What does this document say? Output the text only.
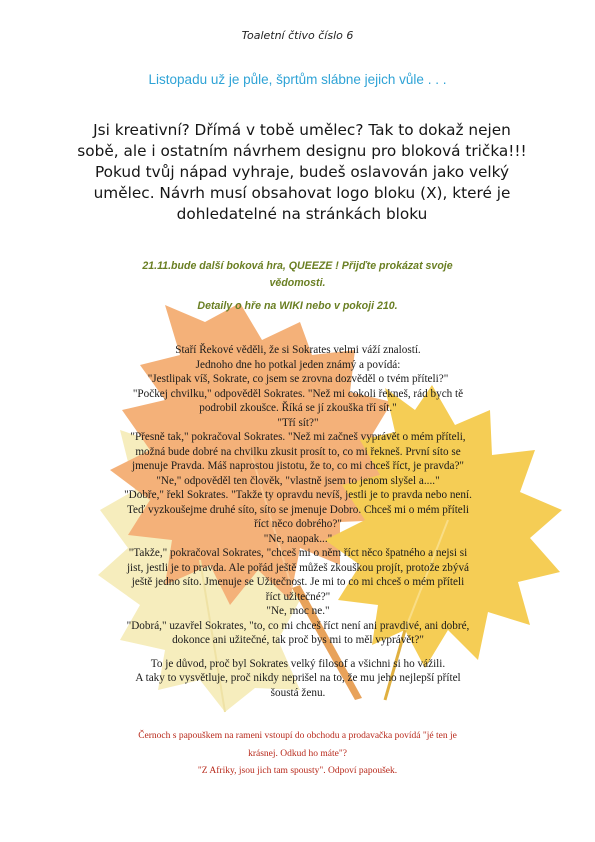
Toaletní čtivo číslo 6
Listopadu už je půle, šprtům slábne jejich vůle . . .
Jsi kreativní? Dřímá v tobě umělec? Tak to dokaž nejen
sobě, ale i ostatním návrhem designu pro bloková trička!!!
Pokud tvůj nápad vyhraje, budeš oslavován jako velký
umělec. Návrh musí obsahovat logo bloku (X), které je
dohledatelné na stránkách bloku
21.11.bude další boková hra, QUEEZE ! Přijďte prokázat svoje
vědomosti.
Detaily o hře na WIKI nebo v pokoji 210.
Staří Řekové věděli, že si Sokrates velmi váží znalostí.
Jednoho dne ho potkal jeden známý a povídá:
"Jestlipak víš, Sokrate, co jsem se zrovna dozvěděl o tvém příteli?"
"Počkej chvilku," odpověděl Sokrates. "Než mi cokoli řekneš, rád bych tě
podrobil zkoušce. Říká se jí zkouška tří sít."
"Tří sít?"
"Přesně tak," pokračoval Sokrates. "Než mi začneš vyprávět o mém příteli,
možná bude dobré na chvilku zkusit prosít to, co mi řekneš. První síto se
jmenuje Pravda. Máš naprostou jistotu, že to, co mi chceš říct, je pravda?"
"Ne," odpověděl ten člověk, "vlastně jsem to jenom slyšel a...."
"Dobře," řekl Sokrates. "Takže ty opravdu nevíš, jestli je to pravda nebo není.
Teď vyzkoušejme druhé síto, síto se jmenuje Dobro. Chceš mi o mém příteli
říct něco dobrého?"
"Ne, naopak..."
"Takže," pokračoval Sokrates, "chceš mi o něm říct něco špatného a nejsi si
jist, jestli je to pravda. Ale pořád ještě můžeš zkouškou projít, protože zbývá
ještě jedno síto. Jmenuje se Užitečnost. Je mi to co mi chceš o mém příteli
říct užitečné?"
"Ne, moc ne."
"Dobrá," uzavřel Sokrates, "to, co mi chceš říct není ani pravdivé, ani dobré,
dokonce ani užitečné, tak proč bys mi to měl vyprávět?"
To je důvod, proč byl Sokrates velký filosof a všichni si ho vážili.
A taky to vysvětluje, proč nikdy neprišel na to, že mu jeho nejlepší přítel
šoustá ženu.
Černoch s papouškem na rameni vstoupí do obchodu a prodavačka povídá "jé ten je
krásnej. Odkud ho máte"?
"Z Afriky, jsou jich tam spousty". Odpoví papoušek.
